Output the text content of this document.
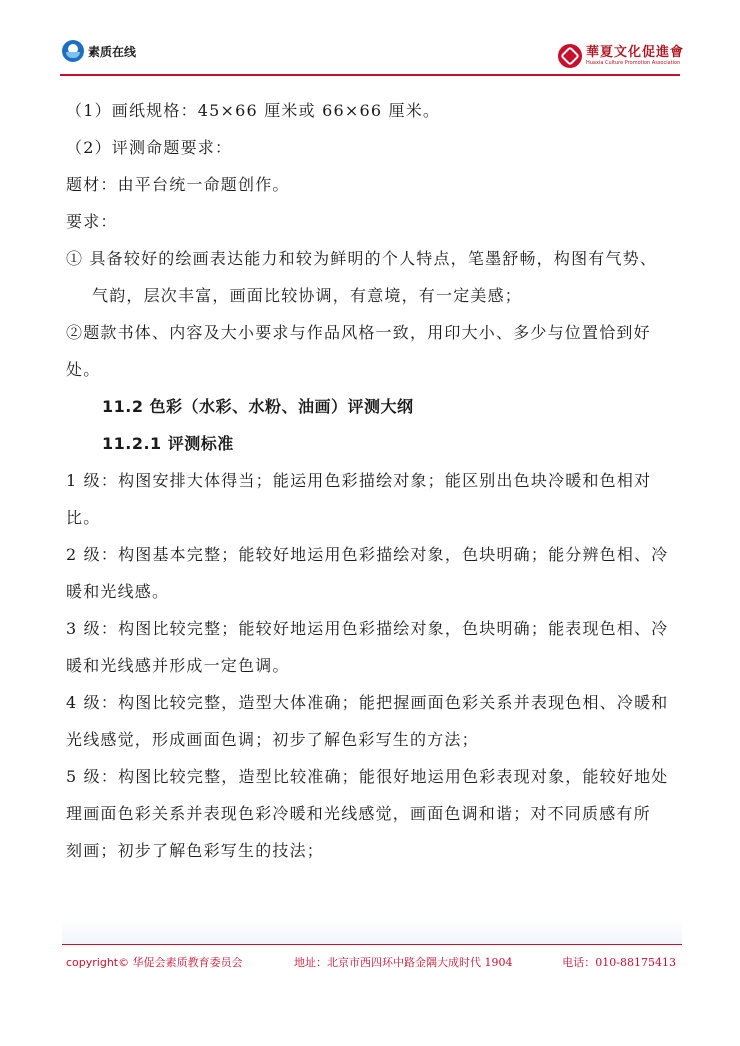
素质在线	華夏文化促進會
Huaxia Culture Promotion Association

（1）画纸规格：45×66 厘米或 66×66 厘米。

（2）评测命题要求：

题材：由平台统一命题创作。

要求：

① 具备较好的绘画表达能力和较为鲜明的个人特点，笔墨舒畅，构图有气势、

气韵，层次丰富，画面比较协调，有意境，有一定美感；

②题款书体、内容及大小要求与作品风格一致，用印大小、多少与位置恰到好

处。

11.2 色彩（水彩、水粉、油画）评测大纲

11.2.1 评测标准

1 级：构图安排大体得当；能运用色彩描绘对象；能区别出色块冷暖和色相对

比。

2 级：构图基本完整；能较好地运用色彩描绘对象，色块明确；能分辨色相、冷

暖和光线感。

3 级：构图比较完整；能较好地运用色彩描绘对象，色块明确；能表现色相、冷

暖和光线感并形成一定色调。

4 级：构图比较完整，造型大体准确；能把握画面色彩关系并表现色相、冷暖和

光线感觉，形成画面色调；初步了解色彩写生的方法；

5 级：构图比较完整，造型比较准确；能很好地运用色彩表现对象，能较好地处

理画面色彩关系并表现色彩冷暖和光线感觉，画面色调和谐；对不同质感有所

刻画；初步了解色彩写生的技法；

copyright© 华促会素质教育委员会	地址：北京市西四环中路金隅大成时代 1904	电话：010-88175413
